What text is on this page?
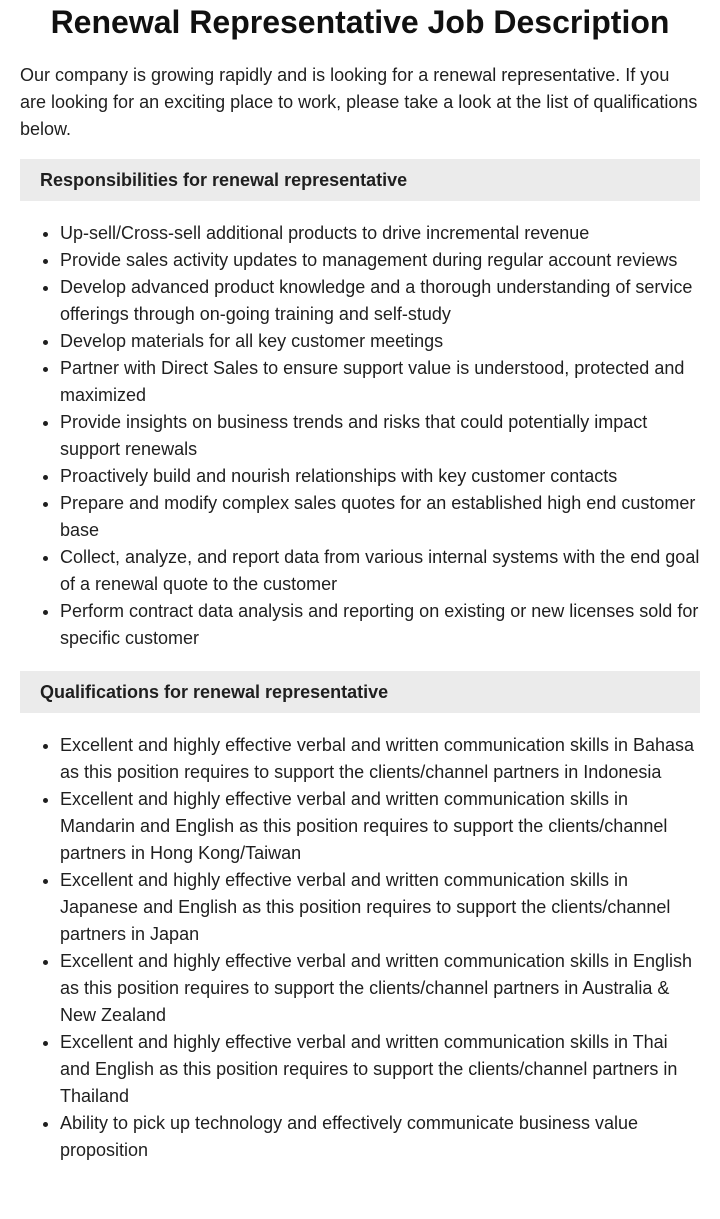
Renewal Representative Job Description

Our company is growing rapidly and is looking for a renewal representative. If you are looking for an exciting place to work, please take a look at the list of qualifications below.

Responsibilities for renewal representative
• Up-sell/Cross-sell additional products to drive incremental revenue
• Provide sales activity updates to management during regular account reviews
• Develop advanced product knowledge and a thorough understanding of service offerings through on-going training and self-study
• Develop materials for all key customer meetings
• Partner with Direct Sales to ensure support value is understood, protected and maximized
• Provide insights on business trends and risks that could potentially impact support renewals
• Proactively build and nourish relationships with key customer contacts
• Prepare and modify complex sales quotes for an established high end customer base
• Collect, analyze, and report data from various internal systems with the end goal of a renewal quote to the customer
• Perform contract data analysis and reporting on existing or new licenses sold for specific customer
Qualifications for renewal representative
• Excellent and highly effective verbal and written communication skills in Bahasa as this position requires to support the clients/channel partners in Indonesia
• Excellent and highly effective verbal and written communication skills in Mandarin and English as this position requires to support the clients/channel partners in Hong Kong/Taiwan
• Excellent and highly effective verbal and written communication skills in Japanese and English as this position requires to support the clients/channel partners in Japan
• Excellent and highly effective verbal and written communication skills in English as this position requires to support the clients/channel partners in Australia & New Zealand
• Excellent and highly effective verbal and written communication skills in Thai and English as this position requires to support the clients/channel partners in Thailand
• Ability to pick up technology and effectively communicate business value proposition
